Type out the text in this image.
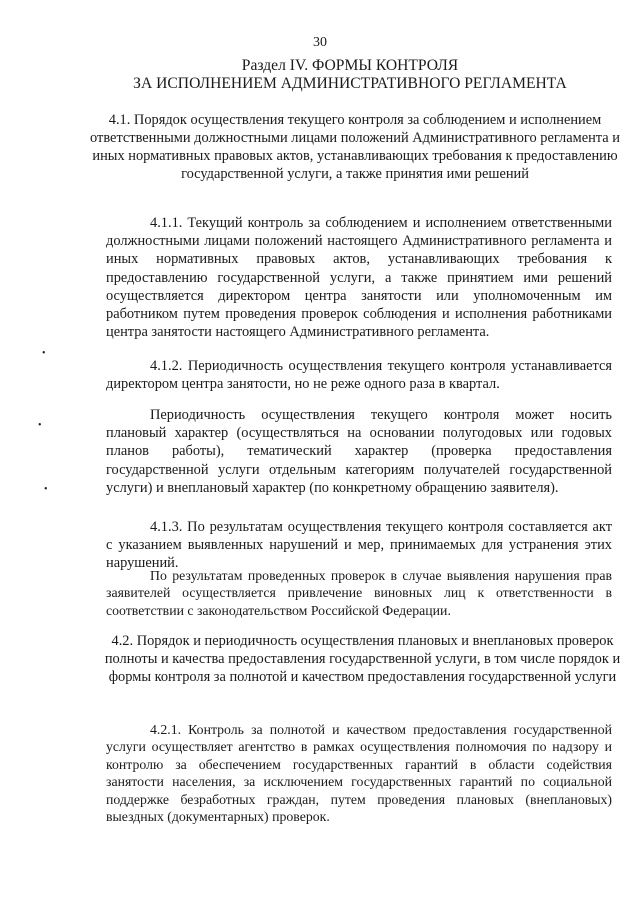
30
Раздел IV. ФОРМЫ КОНТРОЛЯ
ЗА ИСПОЛНЕНИЕМ АДМИНИСТРАТИВНОГО РЕГЛАМЕНТА
4.1. Порядок осуществления текущего контроля за соблюдением и исполнением ответственными должностными лицами положений Административного регламента и иных нормативных правовых актов, устанавливающих требования к предоставлению государственной услуги, а также принятия ими решений
4.1.1. Текущий контроль за соблюдением и исполнением ответственными должностными лицами положений настоящего Административного регламента и иных нормативных правовых актов, устанавливающих требования к предоставлению государственной услуги, а также принятием ими решений осуществляется директором центра занятости или уполномоченным им работником путем проведения проверок соблюдения и исполнения работниками центра занятости настоящего Административного регламента.
4.1.2. Периодичность осуществления текущего контроля устанавливается директором центра занятости, но не реже одного раза в квартал.
Периодичность осуществления текущего контроля может носить плановый характер (осуществляться на основании полугодовых или годовых планов работы), тематический характер (проверка предоставления государственной услуги отдельным категориям получателей государственной услуги) и внеплановый характер (по конкретному обращению заявителя).
4.1.3. По результатам осуществления текущего контроля составляется акт с указанием выявленных нарушений и мер, принимаемых для устранения этих нарушений.
По результатам проведенных проверок в случае выявления нарушения прав заявителей осуществляется привлечение виновных лиц к ответственности в соответствии с законодательством Российской Федерации.
4.2. Порядок и периодичность осуществления плановых и внеплановых проверок полноты и качества предоставления государственной услуги, в том числе порядок и формы контроля за полнотой и качеством предоставления государственной услуги
4.2.1. Контроль за полнотой и качеством предоставления государственной услуги осуществляет агентство в рамках осуществления полномочия по надзору и контролю за обеспечением государственных гарантий в области содействия занятости населения, за исключением государственных гарантий по социальной поддержке безработных граждан, путем проведения плановых (внеплановых) выездных (документарных) проверок.
•
•
•
